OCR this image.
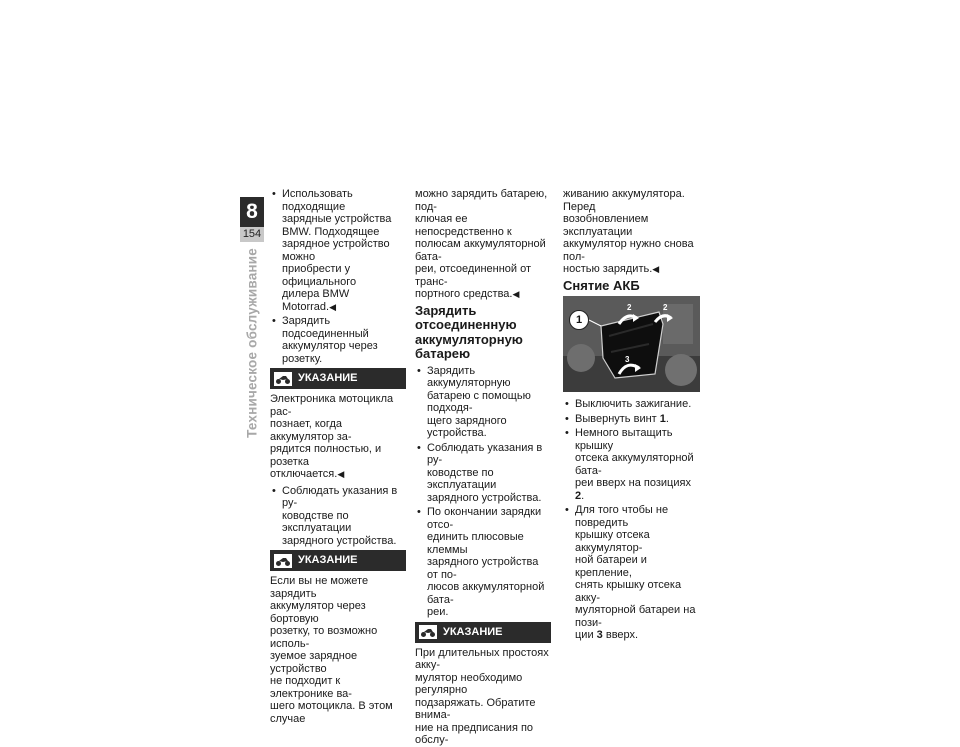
8
154
Техническое обслуживание
• Использовать подходящие
зарядные устройства
BMW. Подходящее
зарядное устройство можно
приобрести у официального
дилера BMW Motorrad.◀
• Зарядить подсоединенный
аккумулятор через розетку.
УКАЗАНИЕ

Электроника мотоцикла рас-
познает, когда аккумулятор за-
рядится полностью, и розетка
отключается.◀

• Соблюдать указания в ру-
ководстве по эксплуатации
зарядного устройства.
УКАЗАНИЕ

Если вы не можете зарядить
аккумулятор через бортовую
розетку, то возможно исполь-
зуемое зарядное устройство
не подходит к электронике ва-
шего мотоцикла. В этом случае

можно зарядить батарею, под-
ключая ее непосредственно к
полюсам аккумуляторной бата-
реи, отсоединенной от транс-
портного средства.◀

Зарядить отсоединенную
аккумуляторную
батарею
• Зарядить аккумуляторную
батарею с помощью подходя-
щего зарядного устройства.
• Соблюдать указания в ру-
ководстве по эксплуатации
зарядного устройства.
• По окончании зарядки отсо-
единить плюсовые клеммы
зарядного устройства от по-
люсов аккумуляторной бата-
реи.
УКАЗАНИЕ

При длительных простоях акку-
мулятор необходимо регулярно
подзаряжать. Обратите внима-
ние на предписания по обслу-

живанию аккумулятора. Перед
возобновлением эксплуатации
аккумулятор нужно снова пол-
ностью зарядить.◀

Снятие АКБ
2	2
3
1
• Выключить зажигание.
• Вывернуть винт 1.
• Немного вытащить крышку
отсека аккумуляторной бата-
реи вверх на позициях 2.
• Для того чтобы не повредить
крышку отсека аккумулятор-
ной батареи и крепление,
снять крышку отсека акку-
муляторной батареи на пози-
ции 3 вверх.
